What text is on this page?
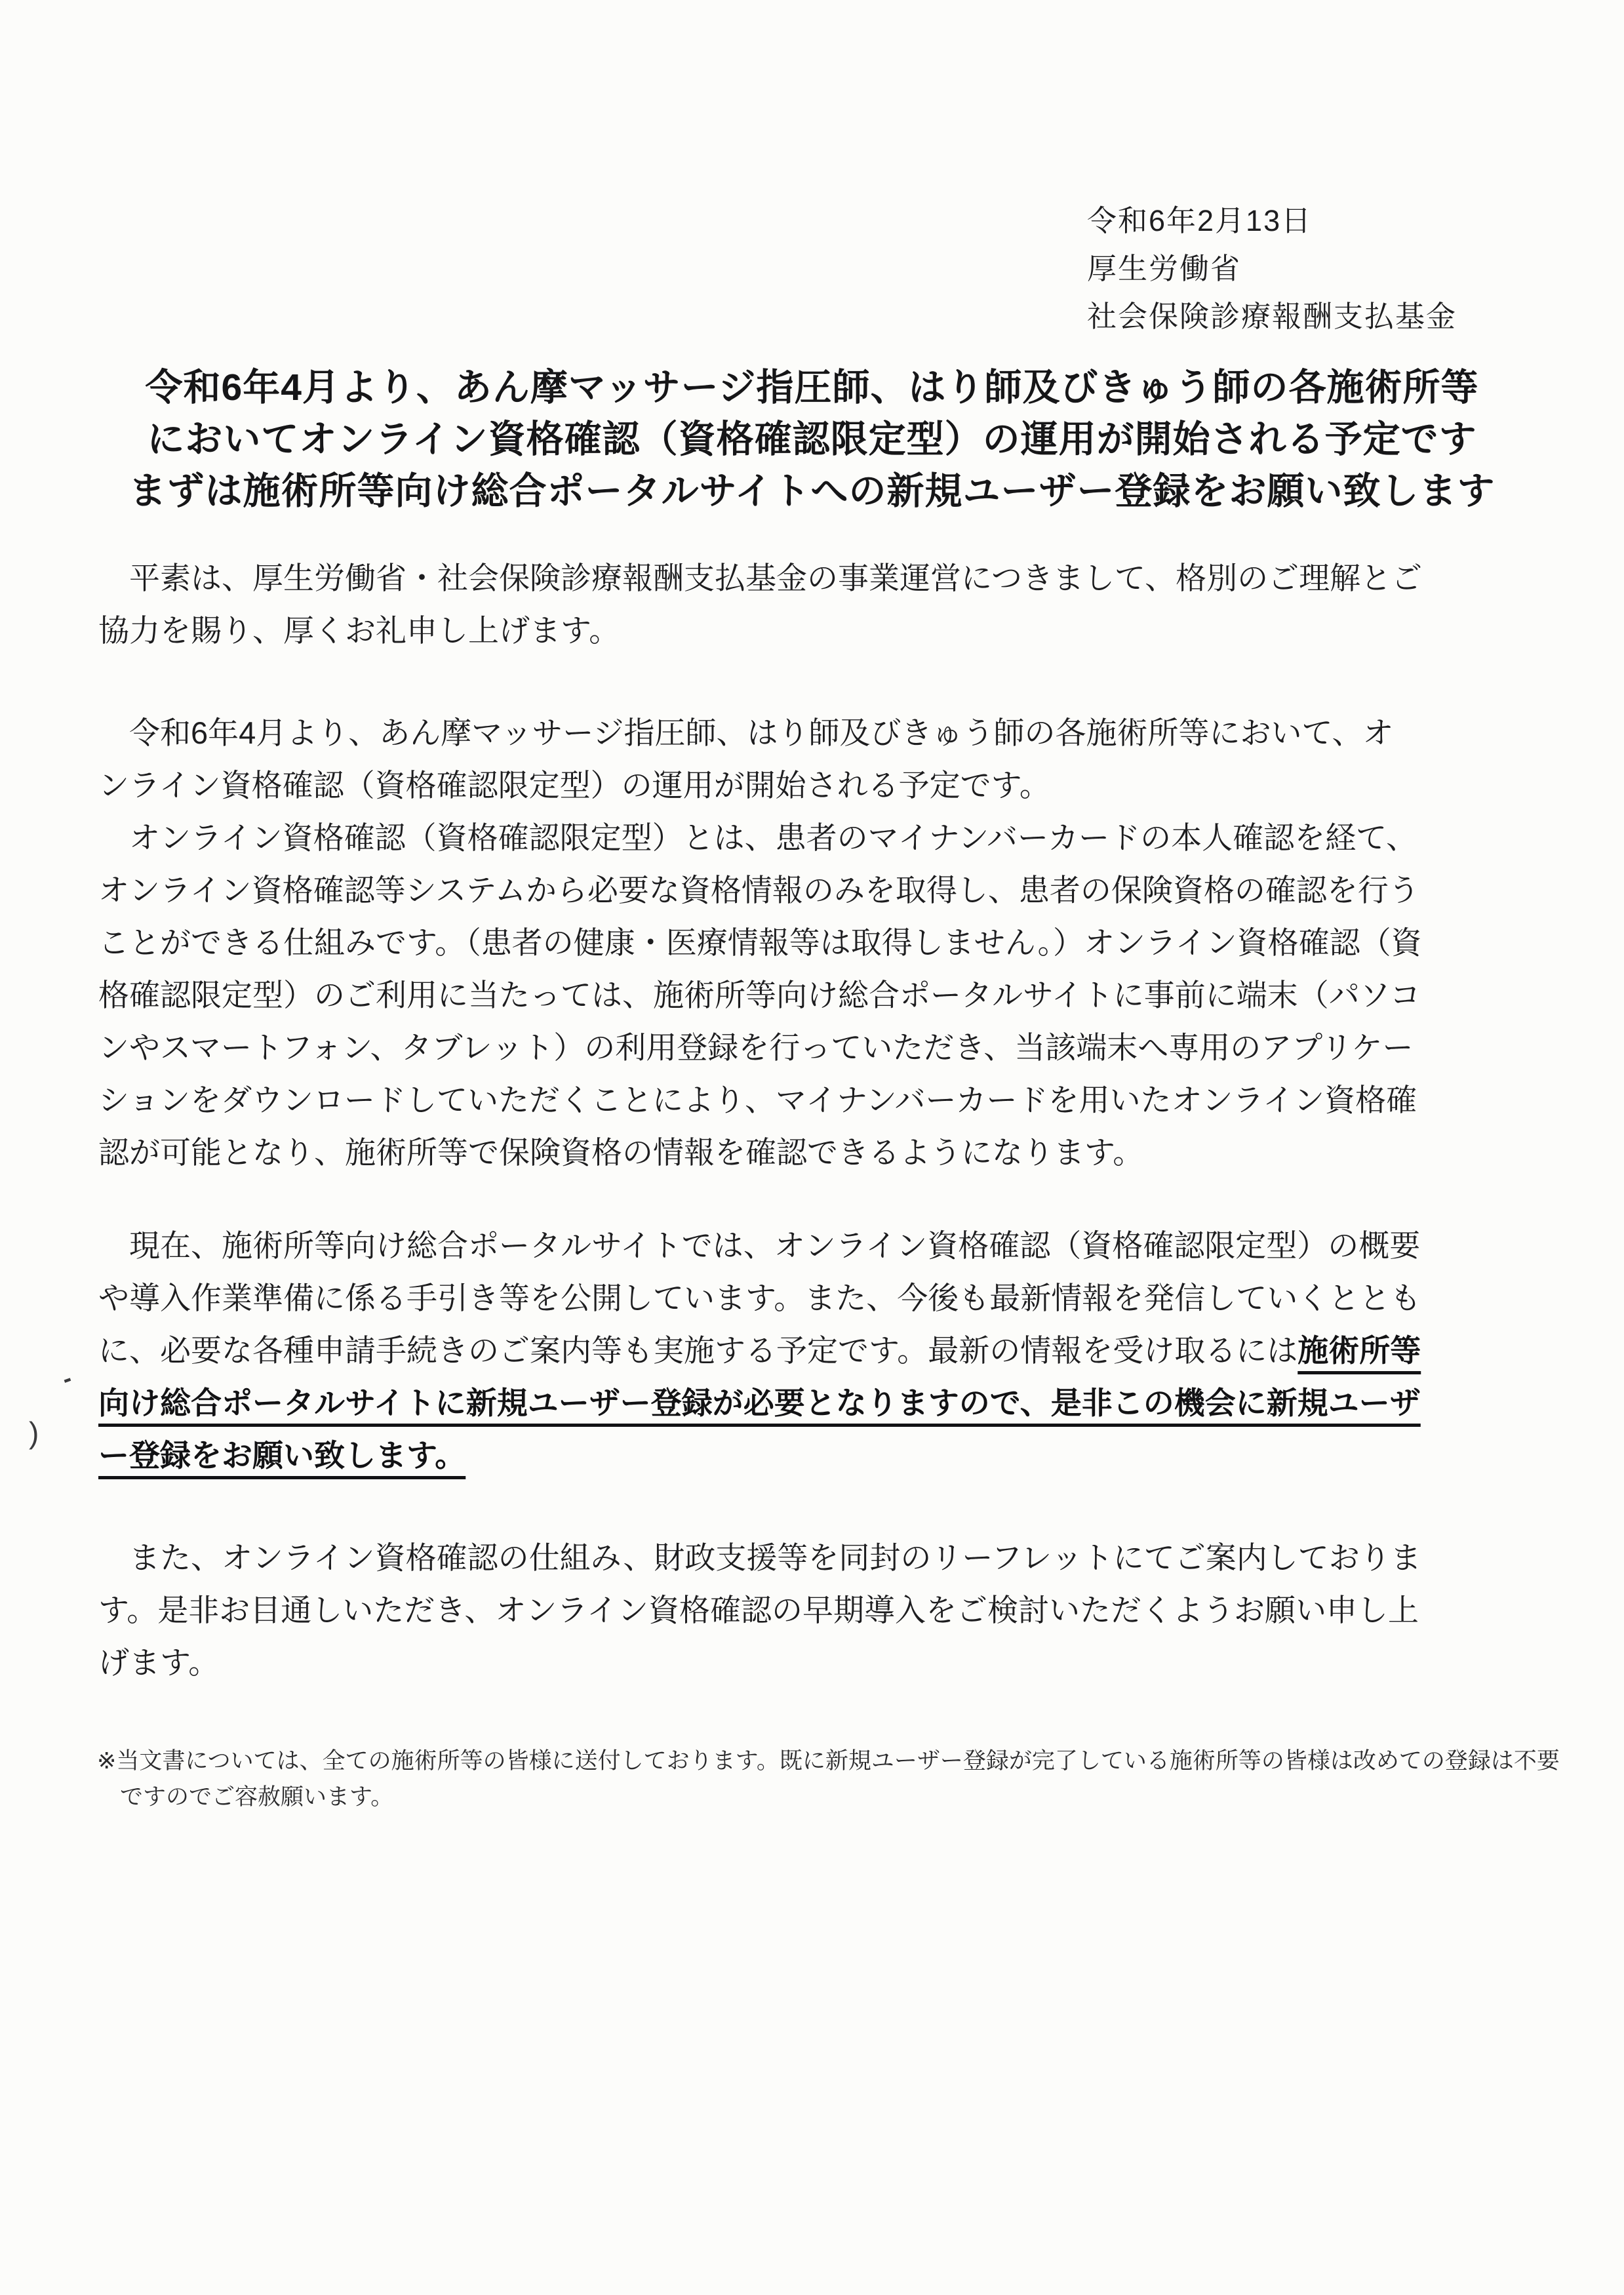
令和6年2月13日
厚生労働省
社会保険診療報酬支払基金
令和6年4月より、あん摩マッサージ指圧師、はり師及びきゅう師の各施術所等
においてオンライン資格確認（資格確認限定型）の運用が開始される予定です
まずは施術所等向け総合ポータルサイトへの新規ユーザー登録をお願い致します
　平素は、厚生労働省・社会保険診療報酬支払基金の事業運営につきまして、格別のご理解とご
協力を賜り、厚くお礼申し上げます。
　令和6年4月より、あん摩マッサージ指圧師、はり師及びきゅう師の各施術所等において、オ
ンライン資格確認（資格確認限定型）の運用が開始される予定です。
　オンライン資格確認（資格確認限定型）とは、患者のマイナンバーカードの本人確認を経て、
オンライン資格確認等システムから必要な資格情報のみを取得し、患者の保険資格の確認を行う
ことができる仕組みです。（患者の健康・医療情報等は取得しません。）オンライン資格確認（資
格確認限定型）のご利用に当たっては、施術所等向け総合ポータルサイトに事前に端末（パソコ
ンやスマートフォン、タブレット）の利用登録を行っていただき、当該端末へ専用のアプリケー
ションをダウンロードしていただくことにより、マイナンバーカードを用いたオンライン資格確
認が可能となり、施術所等で保険資格の情報を確認できるようになります。
　現在、施術所等向け総合ポータルサイトでは、オンライン資格確認（資格確認限定型）の概要
や導入作業準備に係る手引き等を公開しています。また、今後も最新情報を発信していくととも
に、必要な各種申請手続きのご案内等も実施する予定です。最新の情報を受け取るには施術所等
向け総合ポータルサイトに新規ユーザー登録が必要となりますので、是非この機会に新規ユーザ
ー登録をお願い致します。
　また、オンライン資格確認の仕組み、財政支援等を同封のリーフレットにてご案内しておりま
す。是非お目通しいただき、オンライン資格確認の早期導入をご検討いただくようお願い申し上
げます。
※当文書については、全ての施術所等の皆様に送付しております。既に新規ユーザー登録が完了している施術所等の皆様は改めての登録は不要
　ですのでご容赦願います。
‐
)
